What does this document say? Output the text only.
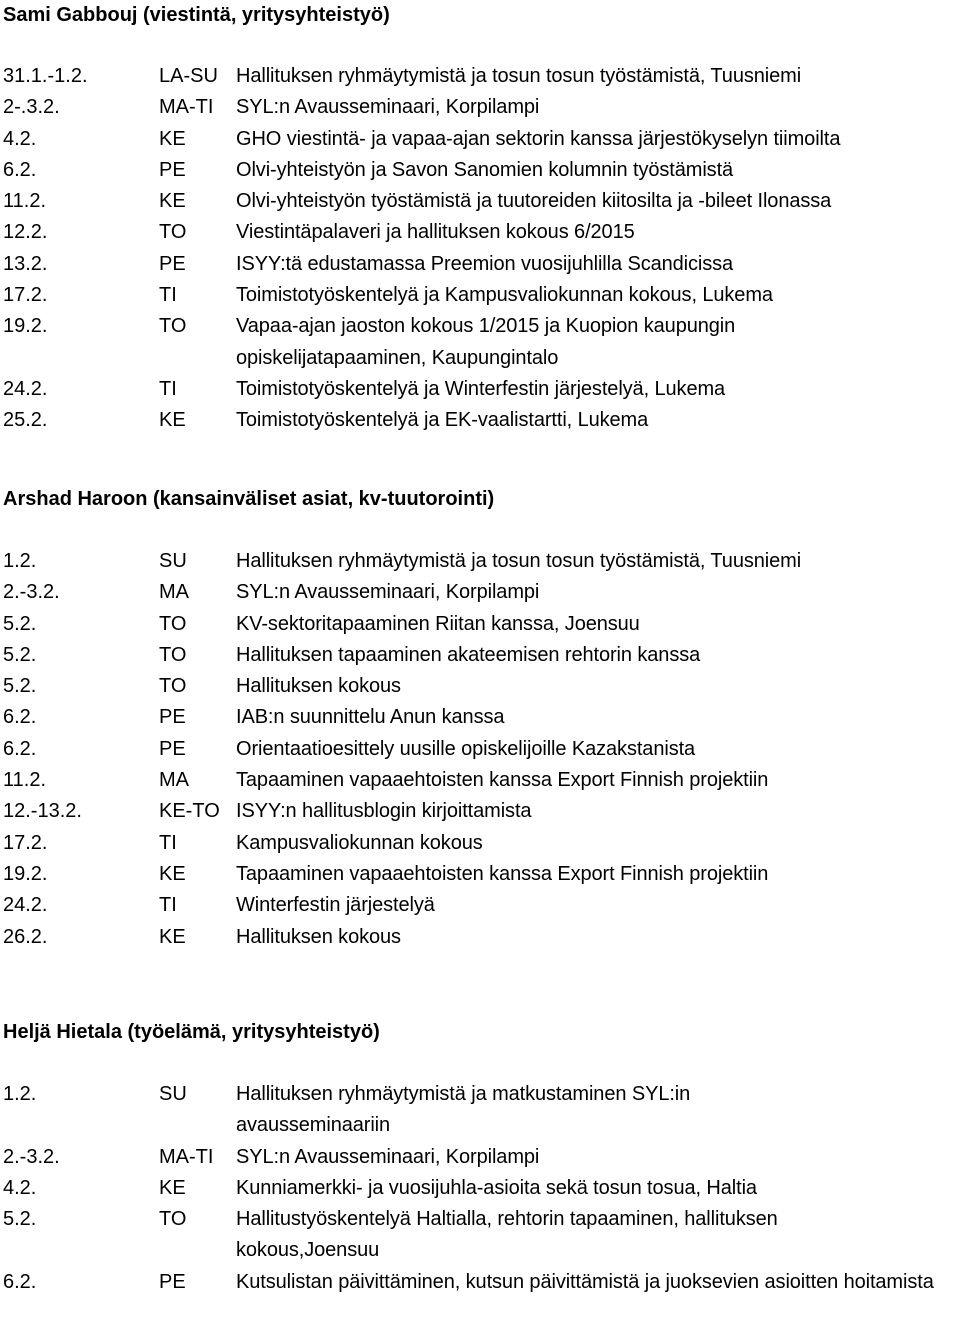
Sami Gabbouj (viestintä, yritysyhteistyö)
31.1.-1.2.	LA-SU Hallituksen ryhmäytymistä ja tosun tosun työstämistä, Tuusniemi
2-.3.2.	MA-TI SYL:n Avausseminaari, Korpilampi
4.2.	KE	GHO viestintä- ja vapaa-ajan sektorin kanssa järjestökyselyn tiimoilta
6.2.	PE	Olvi-yhteistyön ja Savon Sanomien kolumnin työstämistä
11.2.	KE	Olvi-yhteistyön työstämistä ja tuutoreiden kiitosilta ja -bileet Ilonassa
12.2.	TO Viestintäpalaveri ja hallituksen kokous 6/2015
13.2.	PE	ISYY:tä edustamassa Preemion vuosijuhlilla Scandicissa
17.2.	TI	Toimistotyöskentelyä ja Kampusvaliokunnan kokous, Lukema
19.2.	TO Vapaa-ajan jaoston kokous 1/2015 ja Kuopion kaupungin opiskelijatapaaminen, Kaupungintalo
24.2.	TI	Toimistotyöskentelyä ja Winterfestin järjestelyä, Lukema
25.2.	KE	Toimistotyöskentelyä ja EK-vaalistartti, Lukema
Arshad Haroon (kansainväliset asiat, kv-tuutorointi)
1.2.	SU Hallituksen ryhmäytymistä ja tosun tosun työstämistä, Tuusniemi
2.-3.2.	MA SYL:n Avausseminaari, Korpilampi
5.2.	TO KV-sektoritapaaminen Riitan kanssa, Joensuu
5.2.	TO Hallituksen tapaaminen akateemisen rehtorin kanssa
5.2.	TO Hallituksen kokous
6.2.	PE	IAB:n suunnittelu Anun kanssa
6.2.	PE	Orientaatioesittely uusille opiskelijoille Kazakstanista
11.2.	MA Tapaaminen vapaaehtoisten kanssa Export Finnish projektiin
12.-13.2.	KE-TO ISYY:n hallitusblogin kirjoittamista
17.2.	TI	Kampusvaliokunnan kokous
19.2.	KE	Tapaaminen vapaaehtoisten kanssa Export Finnish projektiin
24.2.	TI	Winterfestin järjestelyä
26.2.	KE	Hallituksen kokous
Heljä Hietala (työelämä, yritysyhteistyö)
1.2.	SU Hallituksen ryhmäytymistä ja matkustaminen SYL:in avausseminaariin
2.-3.2.	MA-TI SYL:n Avausseminaari, Korpilampi
4.2.	KE	Kunniamerkki- ja vuosijuhla-asioita sekä tosun tosua, Haltia
5.2.	TO Hallitustyöskentelyä Haltialla, rehtorin tapaaminen, hallituksen kokous,Joensuu
6.2.	PE	Kutsulistan päivittäminen, kutsun päivittämistä ja juoksevien asioitten hoitamista
